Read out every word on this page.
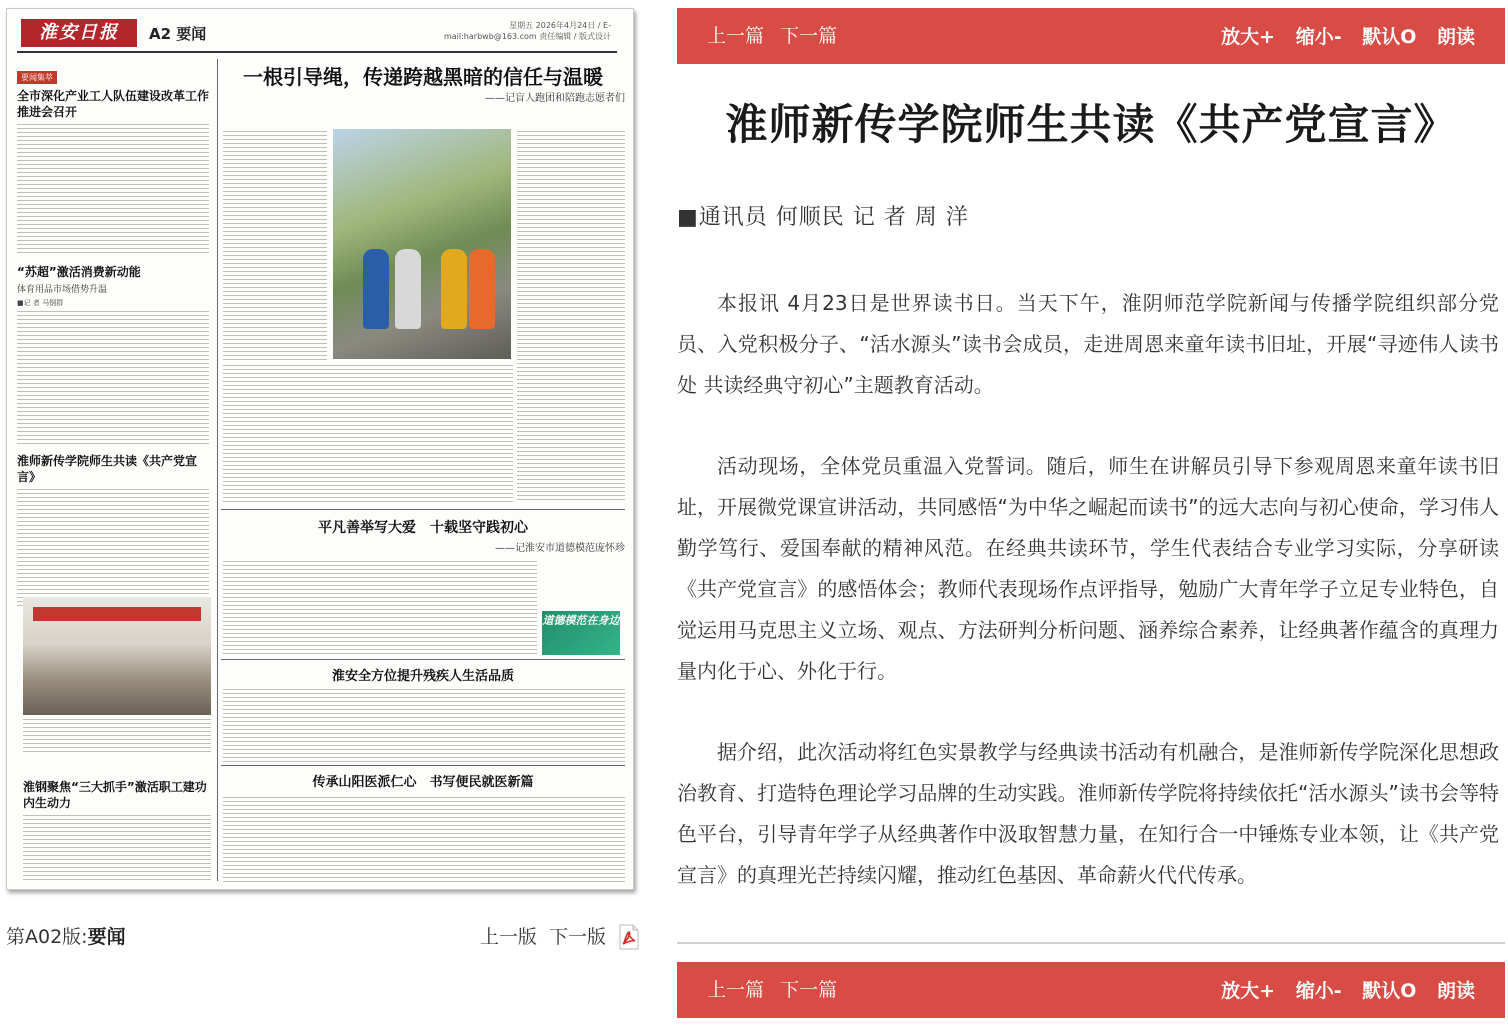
淮安日报	A2 要闻	星期五 2026年4月24日 / E-mail:harbwb@163.com 责任编辑 / 版式设计
要闻集萃
全市深化产业工人队伍建设改革工作推进会召开
“苏超”激活消费新动能
体育用品市场借势升温
■记 者 马钢群
淮师新传学院师生共读《共产党宣言》
淮钢聚焦“三大抓手”激活职工建功内生动力
一根引导绳，传递跨越黑暗的信任与温暖
——记盲人跑团和陪跑志愿者们
平凡善举写大爱　十载坚守践初心
——记淮安市道德模范庞怀珍
道德模范在身边
淮安全方位提升残疾人生活品质
传承山阳医派仁心　书写便民就医新篇
第A02版:要闻	上一版 下一版
上一篇 下一篇	放大+ 缩小- 默认O 朗读
淮师新传学院师生共读《共产党宣言》
■通讯员 何顺民 记 者 周 洋

本报讯 4月23日是世界读书日。当天下午，淮阴师范学院新闻与传播学院组织部分党员、入党积极分子、“活水源头”读书会成员，走进周恩来童年读书旧址，开展“寻迹伟人读书处 共读经典守初心”主题教育活动。

活动现场，全体党员重温入党誓词。随后，师生在讲解员引导下参观周恩来童年读书旧址，开展微党课宣讲活动，共同感悟“为中华之崛起而读书”的远大志向与初心使命，学习伟人勤学笃行、爱国奉献的精神风范。在经典共读环节，学生代表结合专业学习实际，分享研读《共产党宣言》的感悟体会；教师代表现场作点评指导，勉励广大青年学子立足专业特色，自觉运用马克思主义立场、观点、方法研判分析问题、涵养综合素养，让经典著作蕴含的真理力量内化于心、外化于行。

据介绍，此次活动将红色实景教学与经典读书活动有机融合，是淮师新传学院深化思想政治教育、打造特色理论学习品牌的生动实践。淮师新传学院将持续依托“活水源头”读书会等特色平台，引导青年学子从经典著作中汲取智慧力量，在知行合一中锤炼专业本领，让《共产党宣言》的真理光芒持续闪耀，推动红色基因、革命薪火代代传承。

上一篇 下一篇	放大+ 缩小- 默认O 朗读
